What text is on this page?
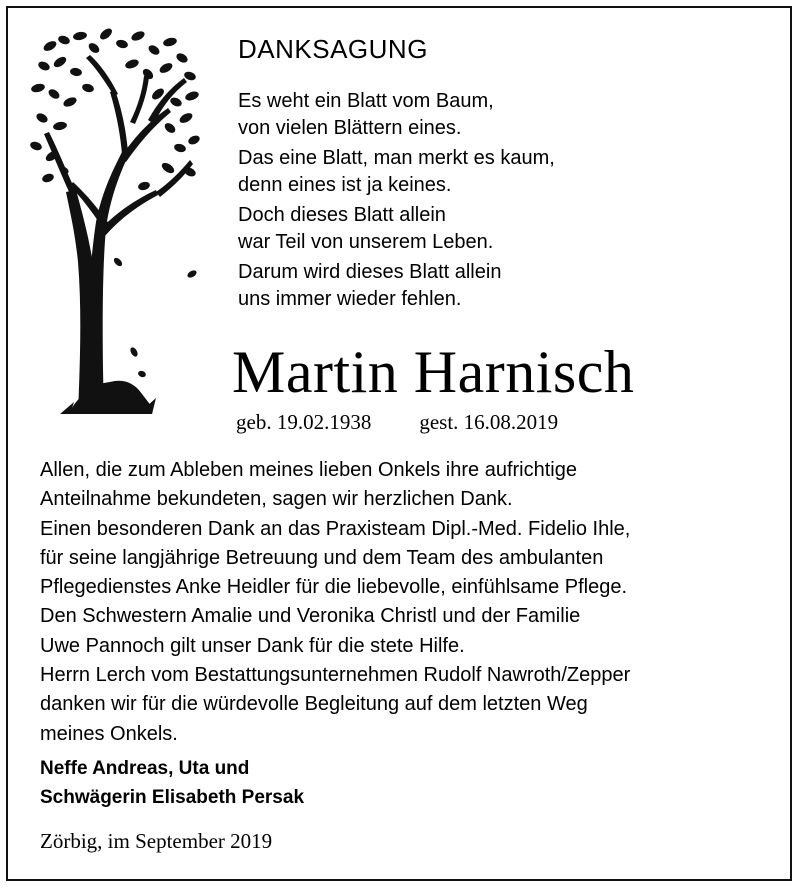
DANKSAGUNG
Es weht ein Blatt vom Baum,
von vielen Blättern eines.
Das eine Blatt, man merkt es kaum,
denn eines ist ja keines.
Doch dieses Blatt allein
war Teil von unserem Leben.
Darum wird dieses Blatt allein
uns immer wieder fehlen.
Martin Harnisch
geb. 19.02.1938 gest. 16.08.2019
Allen, die zum Ableben meines lieben Onkels ihre aufrichtige
Anteilnahme bekundeten, sagen wir herzlichen Dank.
Einen besonderen Dank an das Praxisteam Dipl.-Med. Fidelio Ihle,
für seine langjährige Betreuung und dem Team des ambulanten
Pflegedienstes Anke Heidler für die liebevolle, einfühlsame Pflege.
Den Schwestern Amalie und Veronika Christl und der Familie
Uwe Pannoch gilt unser Dank für die stete Hilfe.
Herrn Lerch vom Bestattungsunternehmen Rudolf Nawroth/Zepper
danken wir für die würdevolle Begleitung auf dem letzten Weg
meines Onkels.
Neffe Andreas, Uta und
Schwägerin Elisabeth Persak
Zörbig, im September 2019
